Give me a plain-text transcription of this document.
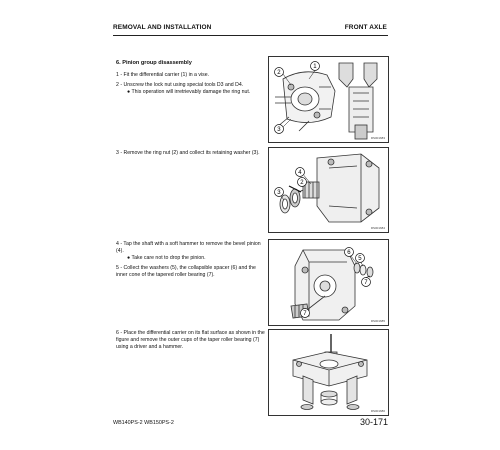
REMOVAL AND INSTALLATION	FRONT AXLE
6. Pinion group disassembly
1 - Fit the differential carrier (1) in a vise.
2 - Unscrew the lock nut using special tools D3 and D4.
● This operation will irretrievably damage the ring nut.
3 - Remove the ring nut (2) and collect its retaining washer (3).
4 - Tap the shaft with a soft hammer to remove the bevel pinion (4).
● Take care not to drop the pinion.
5 - Collect the washers (5), the collapsible spacer (6) and the inner cone of the tapered roller bearing (7).
6 - Place the differential carrier on its flat surface as shown in the figure and remove the outer cups of the taper roller bearing (7) using a driver and a hammer.
1
2
3
RS001683
3
2
4
RS001684
6
5
7
7
RS001685
RS001686
WB140PS-2 WB150PS-2	30-171
